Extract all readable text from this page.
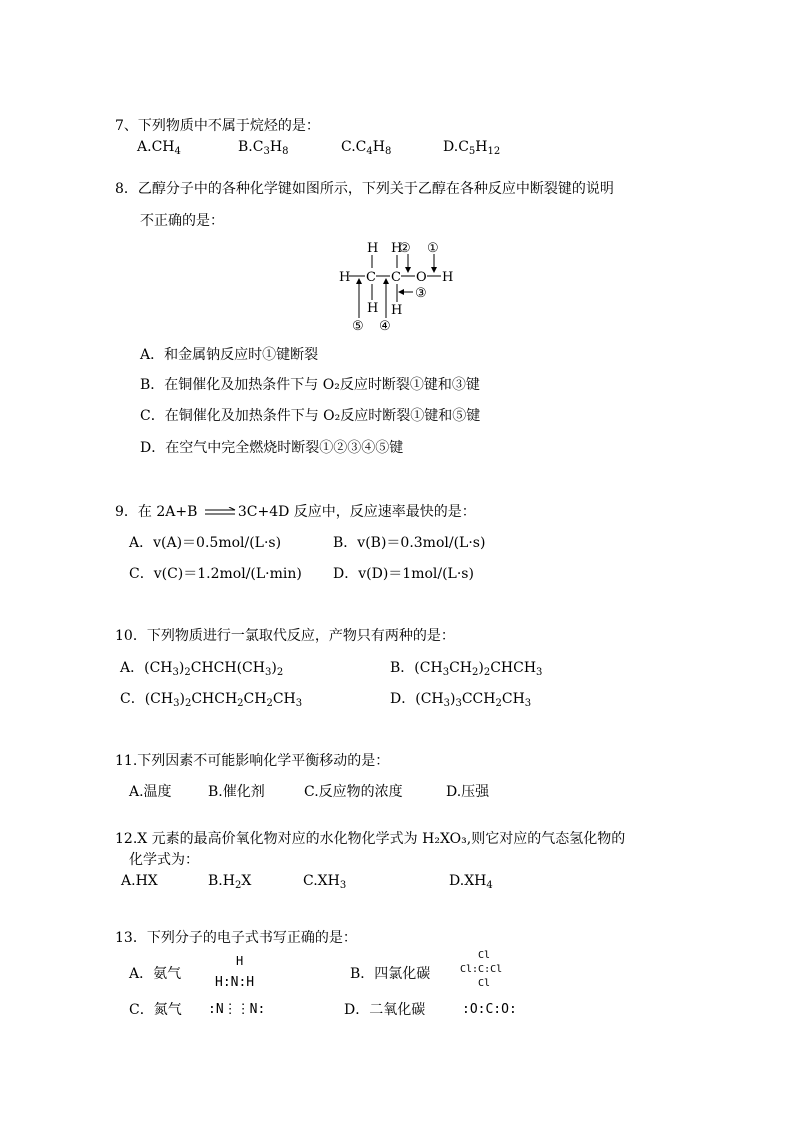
7、下列物质中不属于烷烃的是：
$A.CH_4$	$B.C_3H_8$	$C.C_4H_8$	$D.C_5H_{12}$
8．乙醇分子中的各种化学键如图所示，下列关于乙醇在各种反应中断裂键的说明
不正确的是：
H H
H C C O H
H H
② ①
③
⑤ ④
A．和金属钠反应时①键断裂
B．在铜催化及加热条件下与 O₂反应时断裂①键和③键
C．在铜催化及加热条件下与 O₂反应时断裂①键和⑤键
D．在空气中完全燃烧时断裂①②③④⑤键
9．在 2A+B	3C+4D 反应中，反应速率最快的是：
A．v(A)＝0.5mol/(L·s)	B．v(B)＝0.3mol/(L·s)
C．v(C)＝1.2mol/(L·min) D．v(D)＝1mol/(L·s)
10．下列物质进行一氯取代反应，产物只有两种的是：
A．$(CH_3)_2CHCH(CH_3)_2$	B．$(CH_3CH_2)_2CHCH_3$
C．$(CH_3)_2CHCH_2CH_2CH_3$	D．$(CH_3)_3CCH_2CH_3$
11.下列因素不可能影响化学平衡移动的是：
A.温度	B.催化剂	C.反应物的浓度	D.压强
12.X 元素的最高价氧化物对应的水化物化学式为 H₂XO₃,则它对应的气态氢化物的
化学式为：
A.HX	$B.H_2X$	$C.XH_3$	$D.XH_4$
13．下列分子的电子式书写正确的是：
A．氨气
H
H:N:H
B．四氯化碳
Cl
Cl:C:Cl
Cl
C．氮气 :N⋮⋮N:	D．二氧化碳	:O:C:O:
